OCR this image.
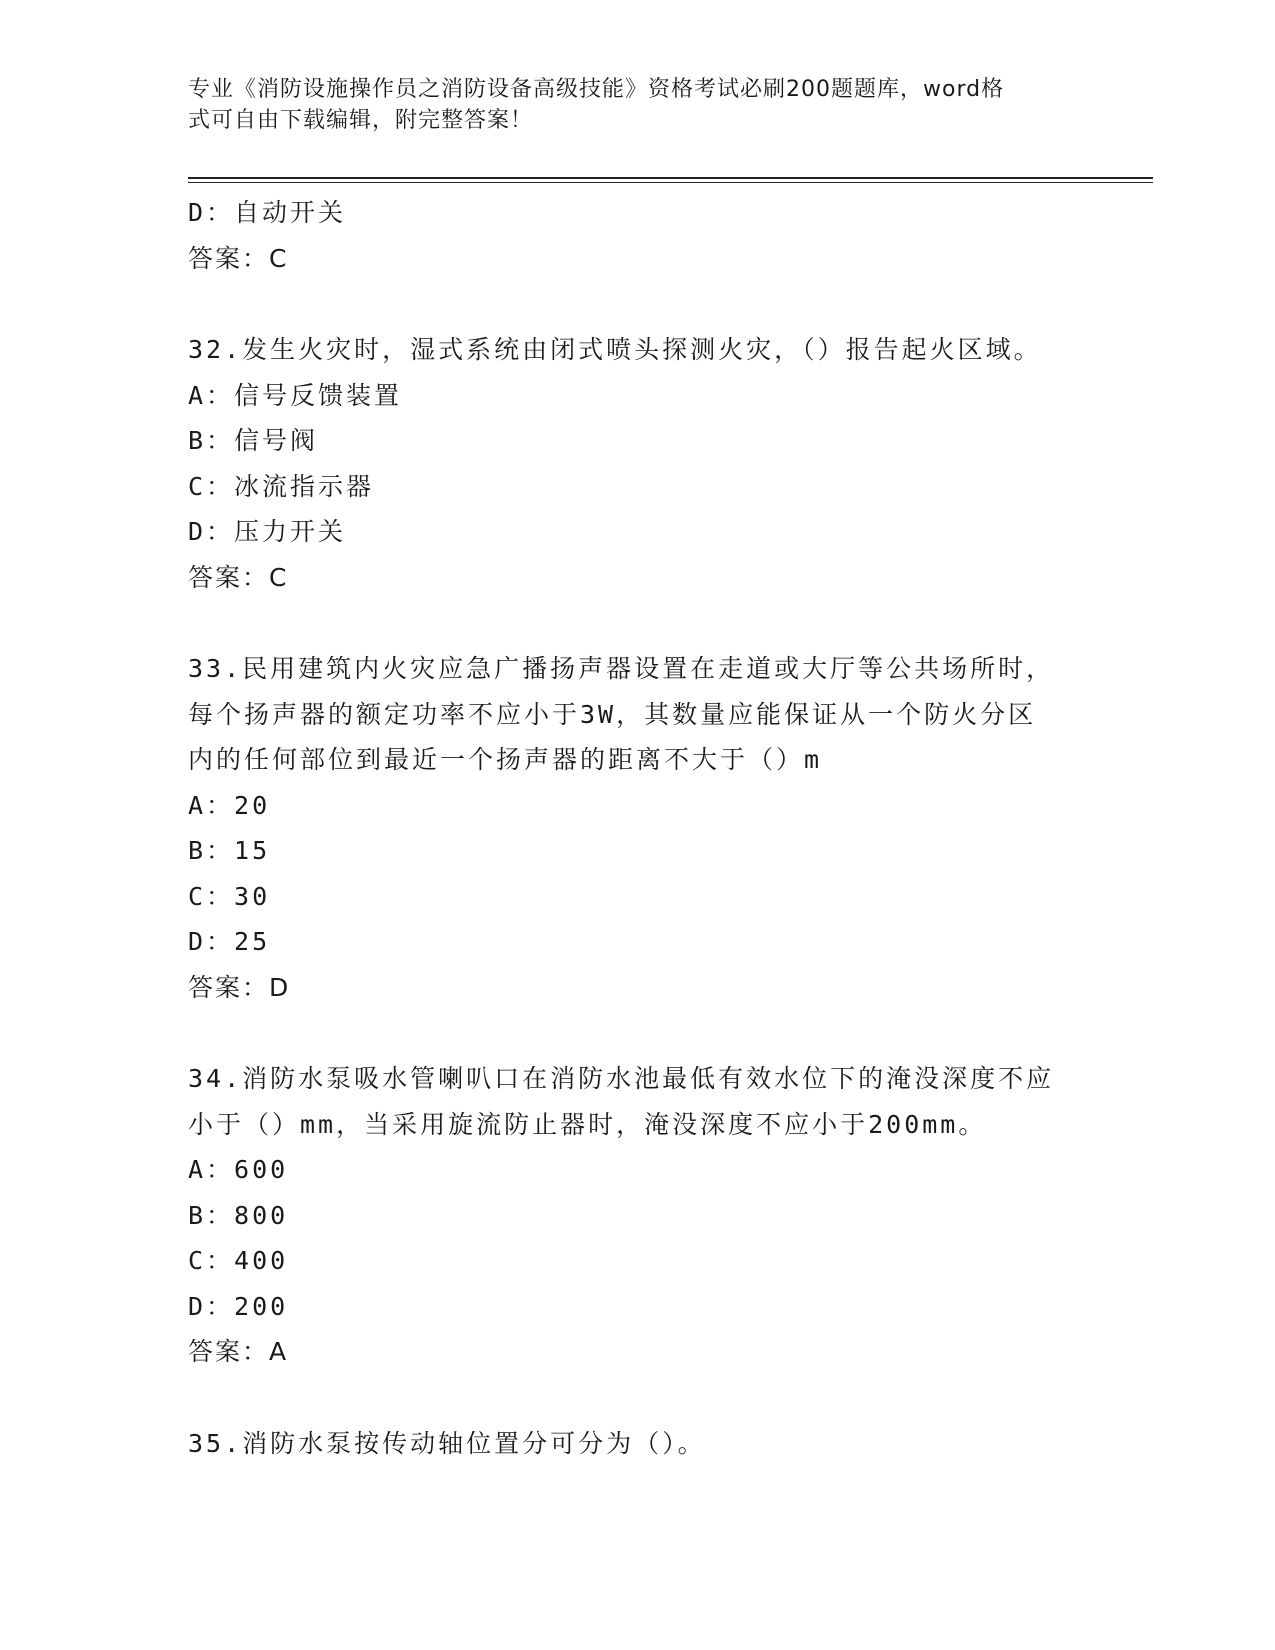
专业《消防设施操作员之消防设备高级技能》资格考试必刷200题题库，word格
式可自由下载编辑，附完整答案！
D：自动开关
答案：C
32.发生火灾时，湿式系统由闭式喷头探测火灾，（）报告起火区域。
A：信号反馈装置
B：信号阀
C：冰流指示器
D：压力开关
答案：C
33.民用建筑内火灾应急广播扬声器设置在走道或大厅等公共场所时，
每个扬声器的额定功率不应小于3W，其数量应能保证从一个防火分区
内的任何部位到最近一个扬声器的距离不大于（）m
A：20
B：15
C：30
D：25
答案：D
34.消防水泵吸水管喇叭口在消防水池最低有效水位下的淹没深度不应
小于（）mm，当采用旋流防止器时，淹没深度不应小于200mm。
A：600
B：800
C：400
D：200
答案：A
35.消防水泵按传动轴位置分可分为（）。
